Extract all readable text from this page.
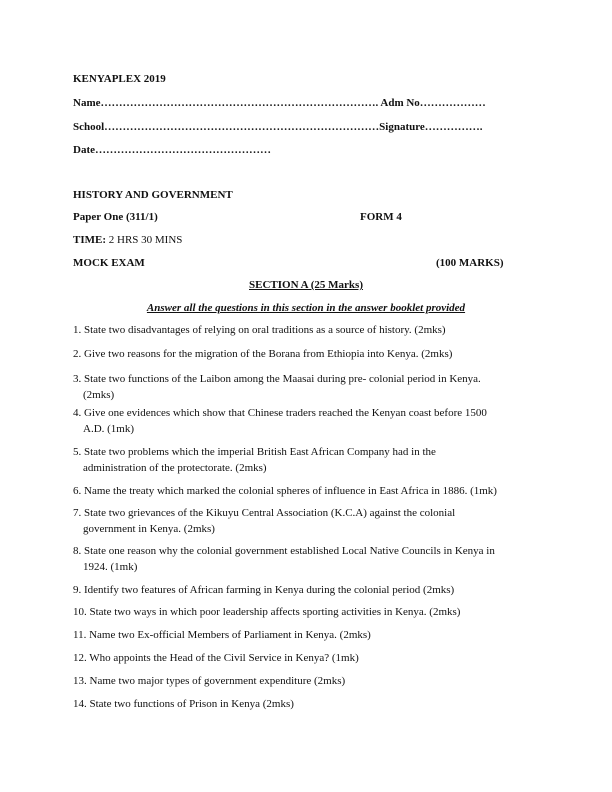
KENYAPLEX 2019
Name…………………………………………………………………. Adm No………………
School…………………………………………………………………Signature…………….
Date…………………………………………
HISTORY AND GOVERNMENT
Paper One (311/1)	FORM 4
TIME: 2 HRS 30 MINS
MOCK EXAM	(100 MARKS)
SECTION A (25 Marks)
Answer all the questions in this section in the answer booklet provided
1. State two disadvantages of relying on oral traditions as a source of history. (2mks)
2. Give two reasons for the migration of the Borana from Ethiopia into Kenya. (2mks)
3. State two functions of the Laibon among the Maasai during pre- colonial period in Kenya.
(2mks)
4. Give one evidences which show that Chinese traders reached the Kenyan coast before 1500
A.D. (1mk)
5. State two problems which the imperial British East African Company had in the
administration of the protectorate. (2mks)
6. Name the treaty which marked the colonial spheres of influence in East Africa in 1886. (1mk)
7. State two grievances of the Kikuyu Central Association (K.C.A) against the colonial
government in Kenya. (2mks)
8. State one reason why the colonial government established Local Native Councils in Kenya in
1924. (1mk)
9. Identify two features of African farming in Kenya during the colonial period (2mks)
10. State two ways in which poor leadership affects sporting activities in Kenya. (2mks)
11. Name two Ex-official Members of Parliament in Kenya. (2mks)
12. Who appoints the Head of the Civil Service in Kenya? (1mk)
13. Name two major types of government expenditure (2mks)
14. State two functions of Prison in Kenya (2mks)
